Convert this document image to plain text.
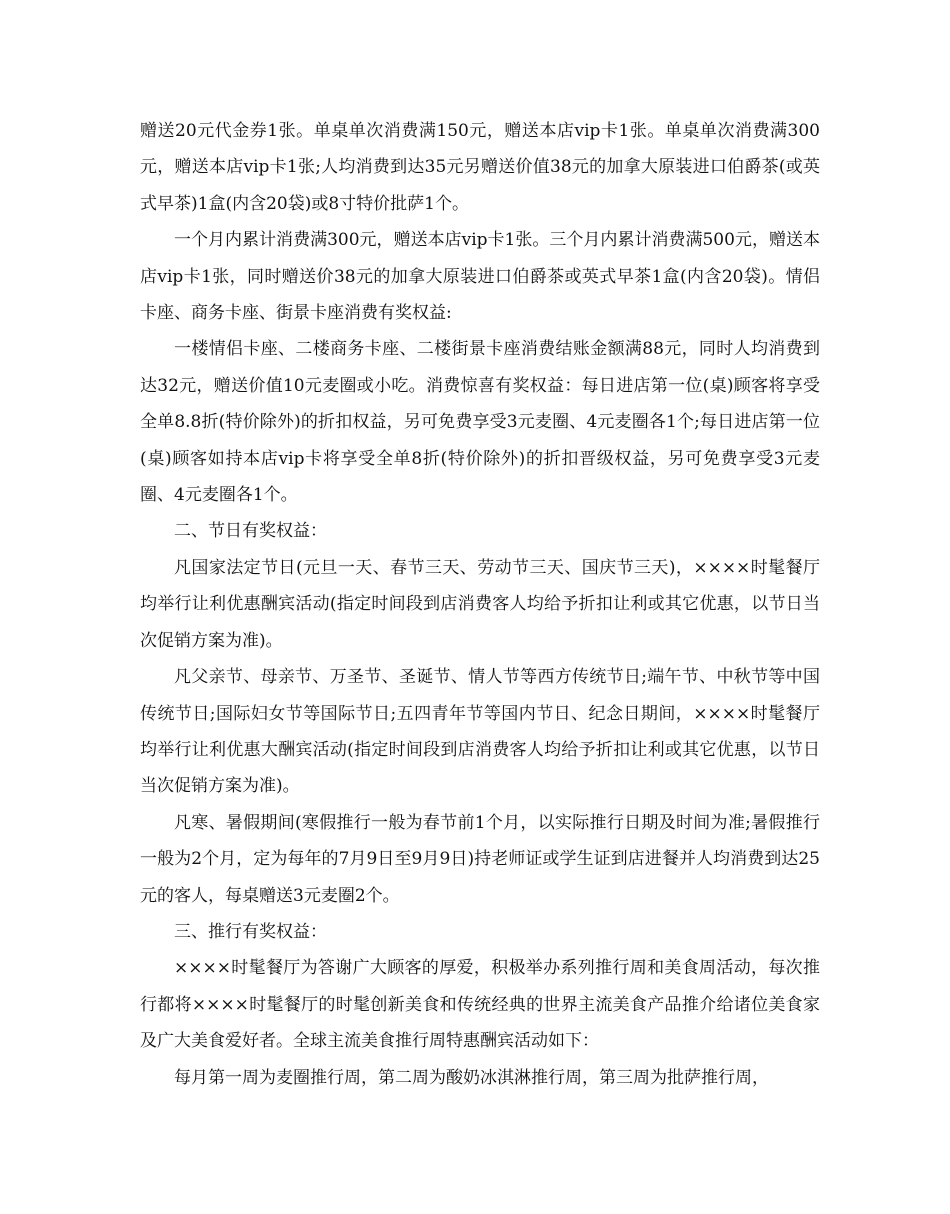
赠送20元代金券1张。单桌单次消费满150元，赠送本店vip卡1张。单桌单次消费满300元，赠送本店vip卡1张;人均消费到达35元另赠送价值38元的加拿大原装进口伯爵茶(或英式早茶)1盒(内含20袋)或8寸特价批萨1个。

一个月内累计消费满300元，赠送本店vip卡1张。三个月内累计消费满500元，赠送本店vip卡1张，同时赠送价38元的加拿大原装进口伯爵茶或英式早茶1盒(内含20袋)。情侣卡座、商务卡座、街景卡座消费有奖权益:

一楼情侣卡座、二楼商务卡座、二楼街景卡座消费结账金额满88元，同时人均消费到达32元，赠送价值10元麦圈或小吃。消费惊喜有奖权益：每日进店第一位(桌)顾客将享受全单8.8折(特价除外)的折扣权益，另可免费享受3元麦圈、4元麦圈各1个;每日进店第一位(桌)顾客如持本店vip卡将享受全单8折(特价除外)的折扣晋级权益，另可免费享受3元麦圈、4元麦圈各1个。

二、节日有奖权益：

凡国家法定节日(元旦一天、春节三天、劳动节三天、国庆节三天)，××××时髦餐厅均举行让利优惠酬宾活动(指定时间段到店消费客人均给予折扣让利或其它优惠，以节日当次促销方案为准)。

凡父亲节、母亲节、万圣节、圣诞节、情人节等西方传统节日;端午节、中秋节等中国传统节日;国际妇女节等国际节日;五四青年节等国内节日、纪念日期间，××××时髦餐厅均举行让利优惠大酬宾活动(指定时间段到店消费客人均给予折扣让利或其它优惠，以节日当次促销方案为准)。

凡寒、暑假期间(寒假推行一般为春节前1个月，以实际推行日期及时间为准;暑假推行一般为2个月，定为每年的7月9日至9月9日)持老师证或学生证到店进餐并人均消费到达25元的客人，每桌赠送3元麦圈2个。

三、推行有奖权益：

××××时髦餐厅为答谢广大顾客的厚爱，积极举办系列推行周和美食周活动，每次推行都将××××时髦餐厅的时髦创新美食和传统经典的世界主流美食产品推介给诸位美食家及广大美食爱好者。全球主流美食推行周特惠酬宾活动如下：

每月第一周为麦圈推行周，第二周为酸奶冰淇淋推行周，第三周为批萨推行周，
